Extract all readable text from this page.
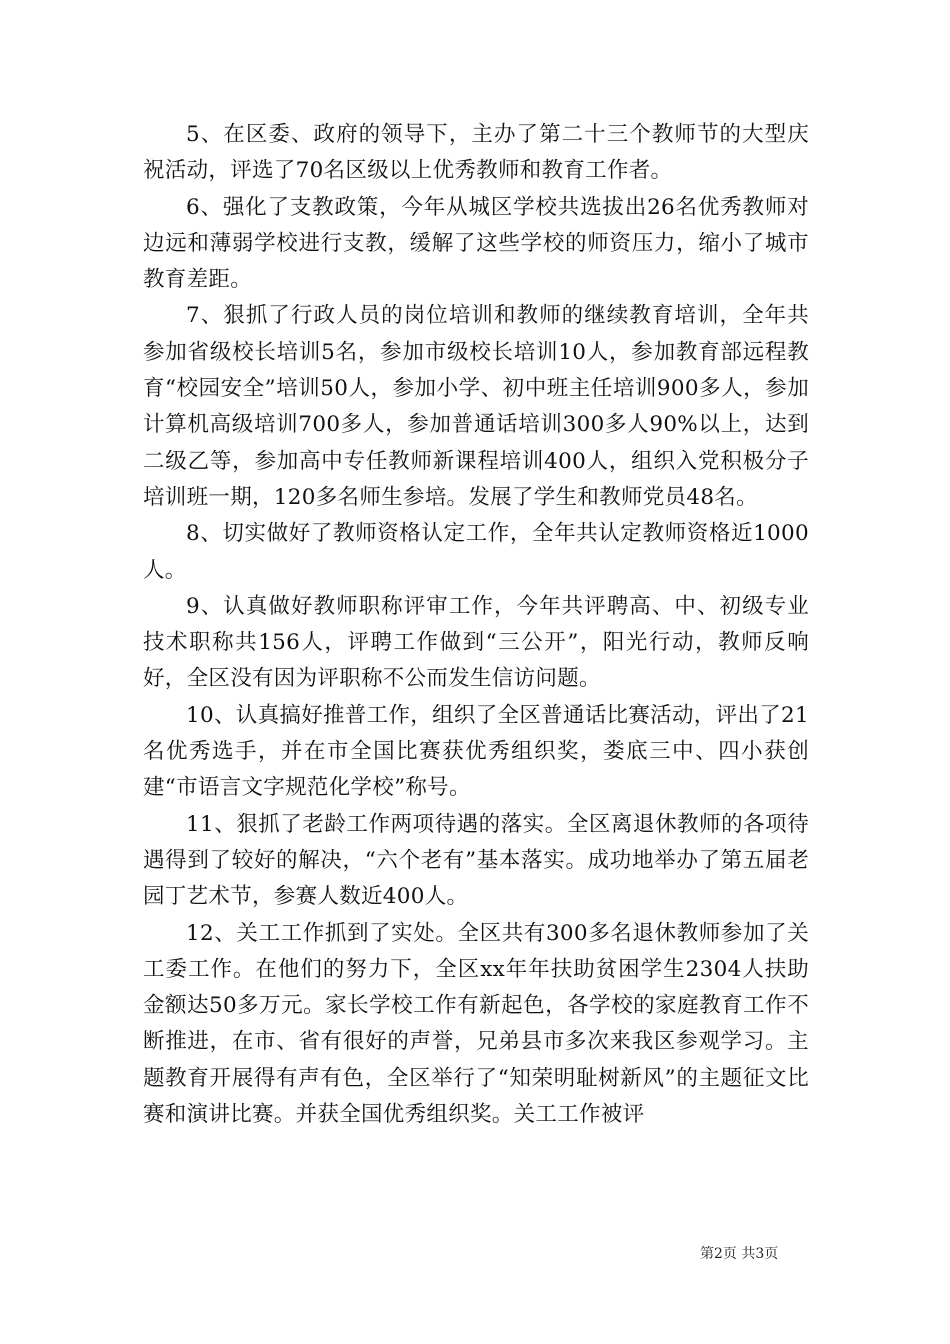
5、在区委、政府的领导下，主办了第二十三个教师节的大型庆祝活动，评选了70名区级以上优秀教师和教育工作者。

6、强化了支教政策，今年从城区学校共选拔出26名优秀教师对边远和薄弱学校进行支教，缓解了这些学校的师资压力，缩小了城市教育差距。

7、狠抓了行政人员的岗位培训和教师的继续教育培训，全年共参加省级校长培训5名，参加市级校长培训10人，参加教育部远程教育“校园安全”培训50人，参加小学、初中班主任培训900多人，参加计算机高级培训700多人，参加普通话培训300多人90%以上，达到二级乙等，参加高中专任教师新课程培训400人，组织入党积极分子培训班一期，120多名师生参培。发展了学生和教师党员48名。

8、切实做好了教师资格认定工作，全年共认定教师资格近1000人。

9、认真做好教师职称评审工作，今年共评聘高、中、初级专业技术职称共156人，评聘工作做到“三公开”，阳光行动，教师反响好，全区没有因为评职称不公而发生信访问题。

10、认真搞好推普工作，组织了全区普通话比赛活动，评出了21名优秀选手，并在市全国比赛获优秀组织奖，娄底三中、四小获创建“市语言文字规范化学校”称号。

11、狠抓了老龄工作两项待遇的落实。全区离退休教师的各项待遇得到了较好的解决，“六个老有”基本落实。成功地举办了第五届老园丁艺术节，参赛人数近400人。

12、关工工作抓到了实处。全区共有300多名退休教师参加了关工委工作。在他们的努力下，全区xx年年扶助贫困学生2304人扶助金额达50多万元。家长学校工作有新起色，各学校的家庭教育工作不断推进，在市、省有很好的声誉，兄弟县市多次来我区参观学习。主题教育开展得有声有色，全区举行了“知荣明耻树新风”的主题征文比赛和演讲比赛。并获全国优秀组织奖。关工工作被评

第2页 共3页
